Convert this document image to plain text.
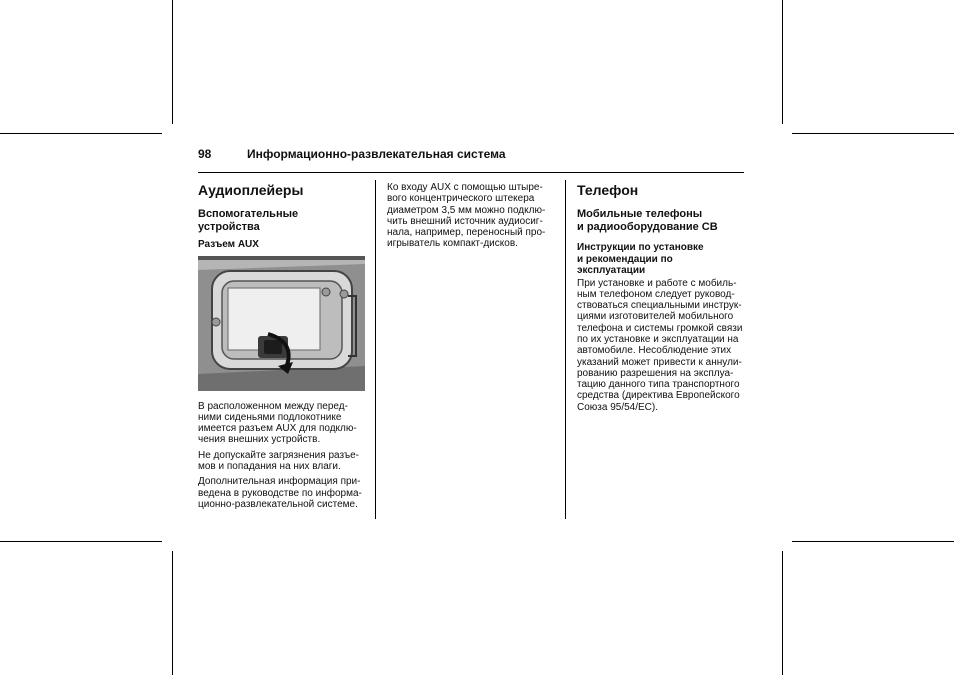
98	Информационно-развлекательная система
Аудиоплейеры
Вспомогательные
устройства
Разъем AUX
В расположенном между перед-
ними сиденьями подлокотнике
имеется разъем AUX для подклю-
чения внешних устройств.
Не допускайте загрязнения разъе-
мов и попадания на них влаги.
Дополнительная информация при-
ведена в руководстве по информа-
ционно-развлекательной системе.
Ко входу AUX с помощью штыре-
вого концентрического штекера
диаметром 3,5 мм можно подклю-
чить внешний источник аудиосиг-
нала, например, переносный про-
игрыватель компакт-дисков.
Телефон
Мобильные телефоны
и радиооборудование CB
Инструкции по установке
и рекомендации по
эксплуатации
При установке и работе с мобиль-
ным телефоном следует руковод-
ствоваться специальными инструк-
циями изготовителей мобильного
телефона и системы громкой связи
по их установке и эксплуатации на
автомобиле. Несоблюдение этих
указаний может привести к аннули-
рованию разрешения на эксплуа-
тацию данного типа транспортного
средства (директива Европейского
Союза 95/54/EC).
